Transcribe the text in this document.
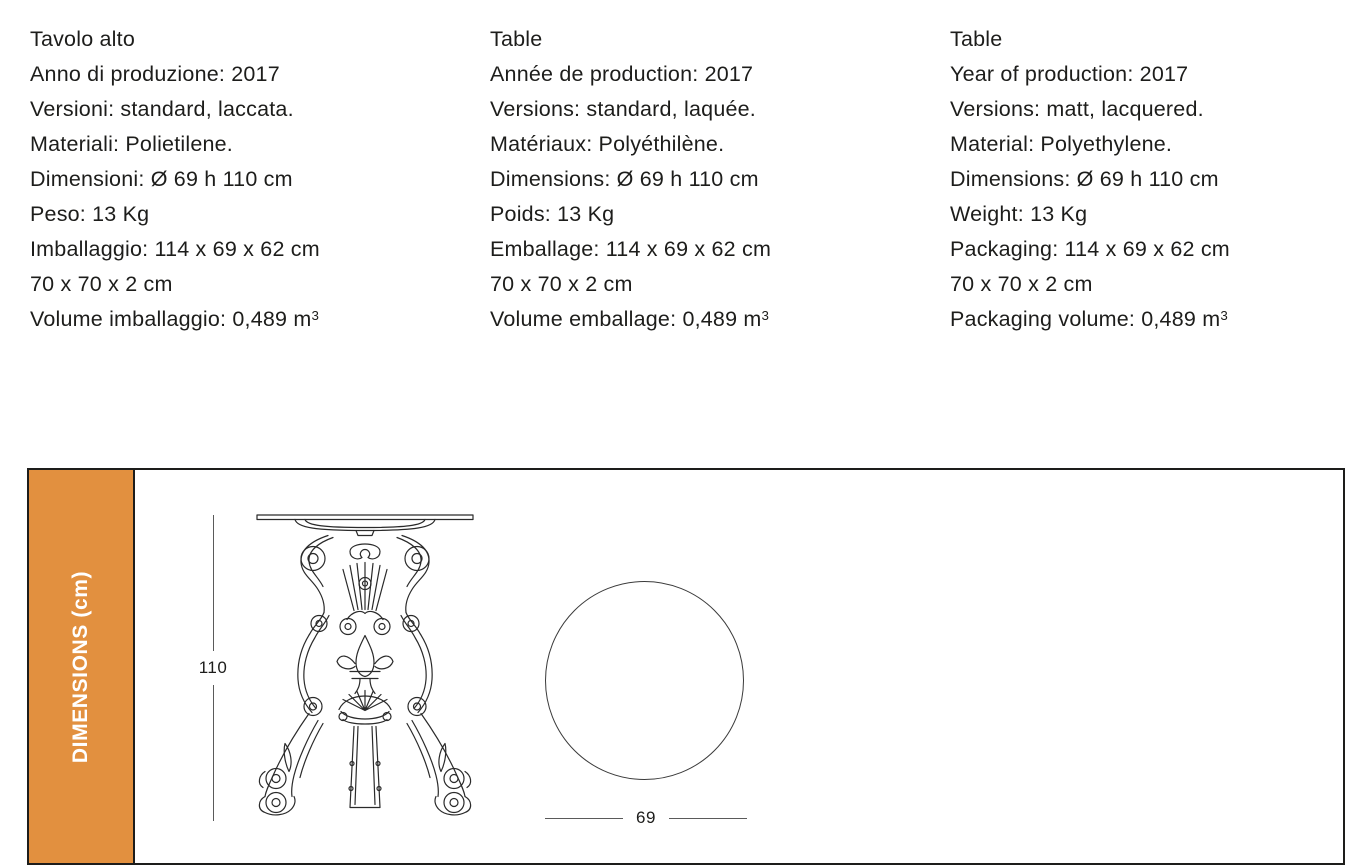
Tavolo alto
Anno di produzione: 2017
Versioni: standard, laccata.
Materiali: Polietilene.
Dimensioni: Ø 69 h 110 cm
Peso: 13 Kg
Imballaggio: 114 x 69 x 62 cm
70 x 70 x 2 cm
Volume imballaggio: 0,489 $m^3$
Table
Année de production: 2017
Versions: standard, laquée.
Matériaux: Polyéthilène.
Dimensions: Ø 69 h 110 cm
Poids: 13 Kg
Emballage: 114 x 69 x 62 cm
70 x 70 x 2 cm
Volume emballage: 0,489 $m^3$
Table
Year of production: 2017
Versions: matt, lacquered.
Material: Polyethylene.
Dimensions: Ø 69 h 110 cm
Weight: 13 Kg
Packaging: 114 x 69 x 62 cm
70 x 70 x 2 cm
Packaging volume: 0,489 $m^3$
DIMENSIONS (cm)	110
69
